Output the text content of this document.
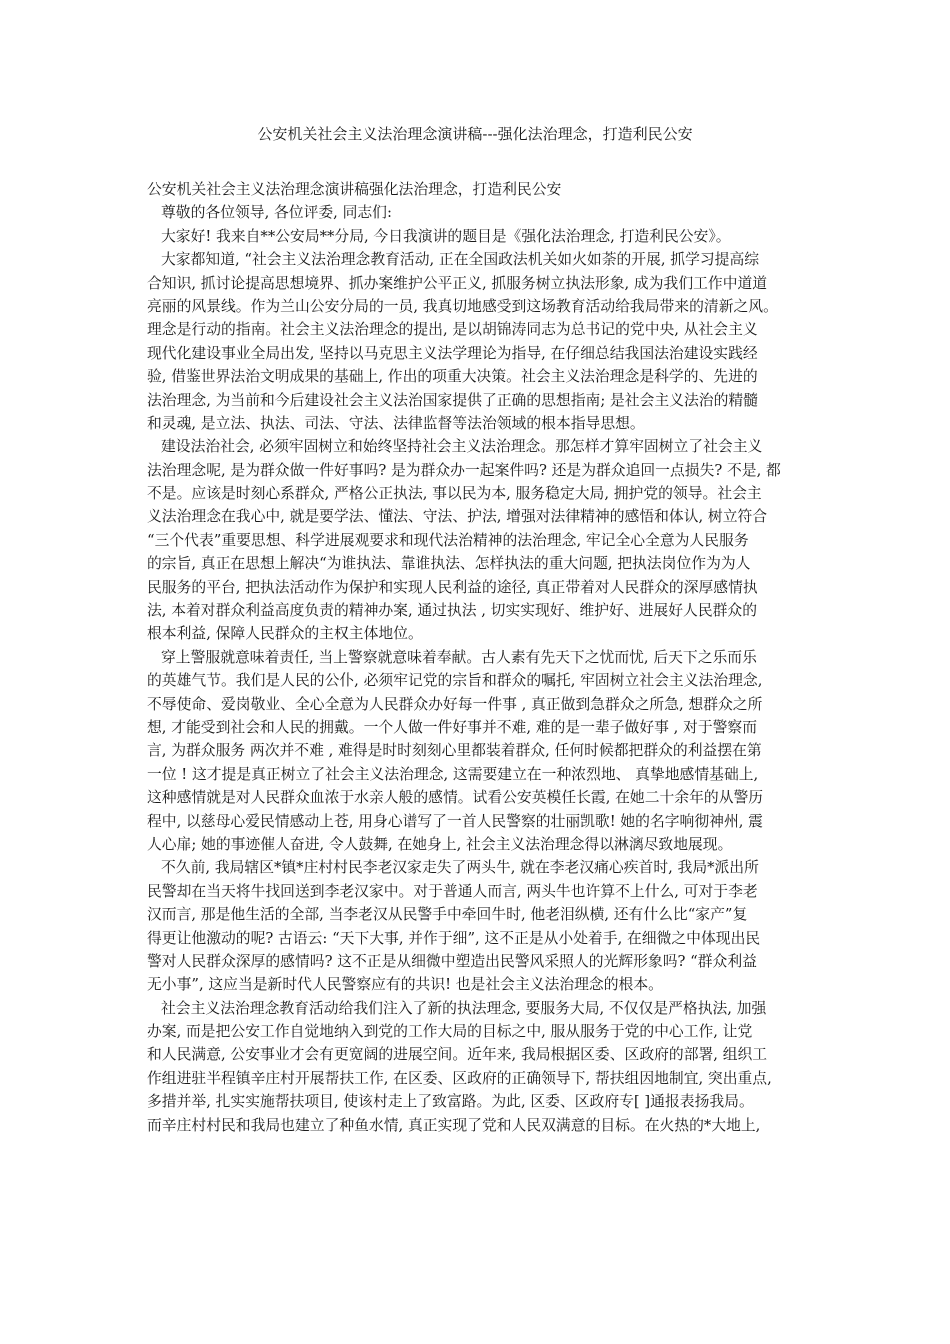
公安机关社会主义法治理念演讲稿---强化法治理念，打造利民公安
公安机关社会主义法治理念演讲稿强化法治理念，打造利民公安
尊敬的各位领导, 各位评委, 同志们:
大家好! 我来自**公安局**分局, 今日我演讲的题目是《强化法治理念, 打造利民公安》。
大家都知道, “社会主义法治理念教育活动, 正在全国政法机关如火如荼的开展, 抓学习提高综
合知识, 抓讨论提高思想境界、抓办案维护公平正义, 抓服务树立执法形象, 成为我们工作中道道
亮丽的风景线。作为兰山公安分局的一员, 我真切地感受到这场教育活动给我局带来的清新之风。
理念是行动的指南。社会主义法治理念的提出, 是以胡锦涛同志为总书记的党中央, 从社会主义
现代化建设事业全局出发, 坚持以马克思主义法学理论为指导, 在仔细总结我国法治建设实践经
验, 借鉴世界法治文明成果的基础上, 作出的项重大决策。社会主义法治理念是科学的、先进的
法治理念, 为当前和今后建设社会主义法治国家提供了正确的思想指南; 是社会主义法治的精髓
和灵魂, 是立法、执法、司法、守法、法律监督等法治领域的根本指导思想。
建设法治社会, 必须牢固树立和始终坚持社会主义法治理念。那怎样才算牢固树立了社会主义
法治理念呢, 是为群众做一件好事吗? 是为群众办一起案件吗? 还是为群众追回一点损失? 不是, 都
不是。应该是时刻心系群众, 严格公正执法, 事以民为本, 服务稳定大局, 拥护党的领导。社会主
义法治理念在我心中, 就是要学法、懂法、守法、护法, 增强对法律精神的感悟和体认, 树立符合
“三个代表”重要思想、科学进展观要求和现代法治精神的法治理念, 牢记全心全意为人民服务
的宗旨, 真正在思想上解决“为谁执法、靠谁执法、怎样执法的重大问题, 把执法岗位作为为人
民服务的平台, 把执法活动作为保护和实现人民利益的途径, 真正带着对人民群众的深厚感情执
法, 本着对群众利益高度负责的精神办案, 通过执法 , 切实实现好、维护好、进展好人民群众的
根本利益, 保障人民群众的主权主体地位。
穿上警服就意味着责任, 当上警察就意味着奉献。古人素有先天下之忧而忧, 后天下之乐而乐
的英雄气节。我们是人民的公仆, 必须牢记党的宗旨和群众的嘱托, 牢固树立社会主义法治理念,
不辱使命、爱岗敬业、全心全意为人民群众办好每一件事 , 真正做到急群众之所急, 想群众之所
想, 才能受到社会和人民的拥戴。一个人做一件好事并不难, 难的是一辈子做好事 , 对于警察而
言, 为群众服务 两次并不难 , 难得是时时刻刻心里都装着群众, 任何时候都把群众的利益摆在第
一位 ! 这才提是真正树立了社会主义法治理念, 这需要建立在一种浓烈地、 真挚地感情基础上,
这种感情就是对人民群众血浓于水亲人般的感情。试看公安英模任长霞, 在她二十余年的从警历
程中, 以慈母心爱民情感动上苍, 用身心谱写了一首人民警察的壮丽凯歌! 她的名字响彻神州, 震
人心扉; 她的事迹催人奋进, 令人鼓舞, 在她身上, 社会主义法治理念得以淋漓尽致地展现。
不久前, 我局辖区*镇*庄村村民李老汉家走失了两头牛, 就在李老汉痛心疾首时, 我局*派出所
民警却在当天将牛找回送到李老汉家中。对于普通人而言, 两头牛也许算不上什么, 可对于李老
汉而言, 那是他生活的全部, 当李老汉从民警手中牵回牛时, 他老泪纵横, 还有什么比“家产”复
得更让他激动的呢? 古语云: “天下大事, 并作于细”, 这不正是从小处着手, 在细微之中体现出民
警对人民群众深厚的感情吗? 这不正是从细微中塑造出民警风采照人的光辉形象吗? “群众利益
无小事”, 这应当是新时代人民警察应有的共识! 也是社会主义法治理念的根本。
社会主义法治理念教育活动给我们注入了新的执法理念, 要服务大局, 不仅仅是严格执法, 加强
办案, 而是把公安工作自觉地纳入到党的工作大局的目标之中, 服从服务于党的中心工作, 让党
和人民满意, 公安事业才会有更宽阔的进展空间。近年来, 我局根据区委、区政府的部署, 组织工
作组进驻半程镇辛庄村开展帮扶工作, 在区委、区政府的正确领导下, 帮扶组因地制宜, 突出重点,
多措并举, 扎实实施帮扶项目, 使该村走上了致富路。为此, 区委、区政府专[ ]通报表扬我局。
而辛庄村村民和我局也建立了种鱼水情, 真正实现了党和人民双满意的目标。在火热的*大地上,
